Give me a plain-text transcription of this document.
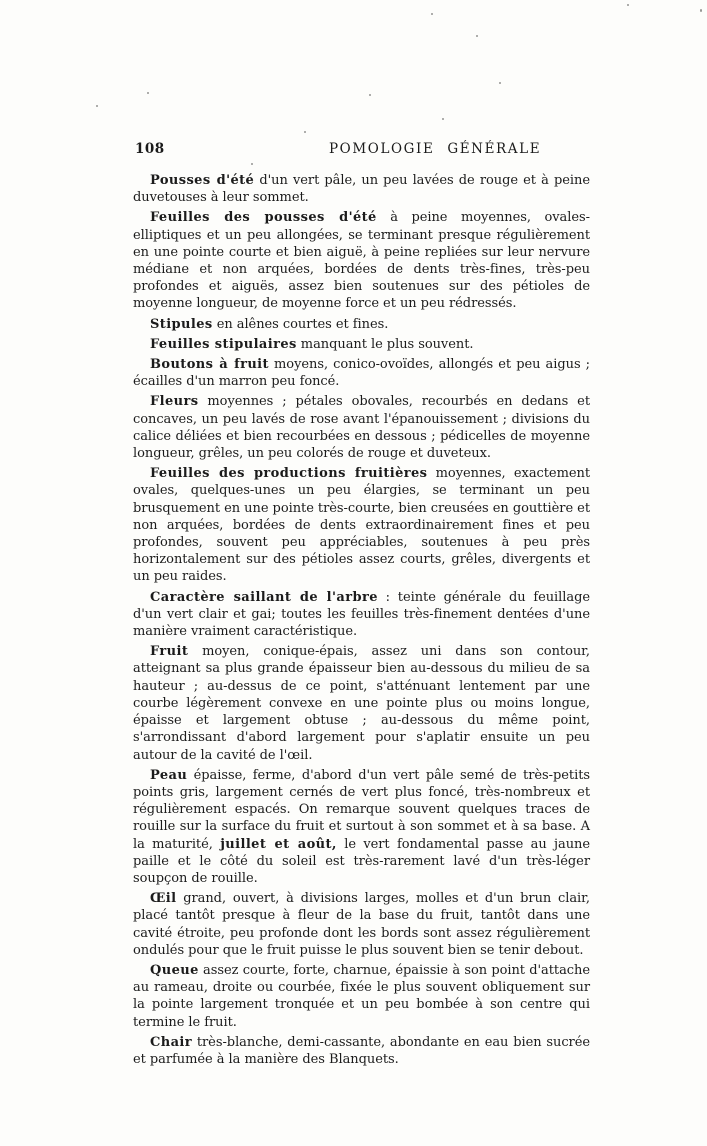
108	POMOLOGIE GÉNÉRALE

Pousses d'été d'un vert pâle, un peu lavées de rouge et à peine duvetouses à leur sommet.

Feuilles des pousses d'été à peine moyennes, ovales-elliptiques et un peu allongées, se terminant presque régulièrement en une pointe courte et bien aiguë, à peine repliées sur leur nervure médiane et non arquées, bordées de dents très-fines, très-peu profondes et aiguës, assez bien soutenues sur des pétioles de moyenne longueur, de moyenne force et un peu rédressés.

Stipules en alênes courtes et fines.

Feuilles stipulaires manquant le plus souvent.

Boutons à fruit moyens, conico-ovoïdes, allongés et peu aigus ; écailles d'un marron peu foncé.

Fleurs moyennes ; pétales obovales, recourbés en dedans et concaves, un peu lavés de rose avant l'épanouissement ; divisions du calice déliées et bien recourbées en dessous ; pédicelles de moyenne longueur, grêles, un peu colorés de rouge et duveteux.

Feuilles des productions fruitières moyennes, exactement ovales, quelques-unes un peu élargies, se terminant un peu brusquement en une pointe très-courte, bien creusées en gouttière et non arquées, bordées de dents extraordinairement fines et peu profondes, souvent peu appréciables, soutenues à peu près horizontalement sur des pétioles assez courts, grêles, divergents et un peu raides.

Caractère saillant de l'arbre : teinte générale du feuillage d'un vert clair et gai; toutes les feuilles très-finement dentées d'une manière vraiment caractéristique.

Fruit moyen, conique-épais, assez uni dans son contour, atteignant sa plus grande épaisseur bien au-dessous du milieu de sa hauteur ; au-dessus de ce point, s'atténuant lentement par une courbe légèrement convexe en une pointe plus ou moins longue, épaisse et largement obtuse ; au-dessous du même point, s'arrondissant d'abord largement pour s'aplatir ensuite un peu autour de la cavité de l'œil.

Peau épaisse, ferme, d'abord d'un vert pâle semé de très-petits points gris, largement cernés de vert plus foncé, très-nombreux et régulièrement espacés. On remarque souvent quelques traces de rouille sur la surface du fruit et surtout à son sommet et à sa base. A la maturité, juillet et août, le vert fondamental passe au jaune paille et le côté du soleil est très-rarement lavé d'un très-léger soupçon de rouille.

Œil grand, ouvert, à divisions larges, molles et d'un brun clair, placé tantôt presque à fleur de la base du fruit, tantôt dans une cavité étroite, peu profonde dont les bords sont assez régulièrement ondulés pour que le fruit puisse le plus souvent bien se tenir debout.

Queue assez courte, forte, charnue, épaissie à son point d'attache au rameau, droite ou courbée, fixée le plus souvent obliquement sur la pointe largement tronquée et un peu bombée à son centre qui termine le fruit.

Chair très-blanche, demi-cassante, abondante en eau bien sucrée et parfumée à la manière des Blanquets.
